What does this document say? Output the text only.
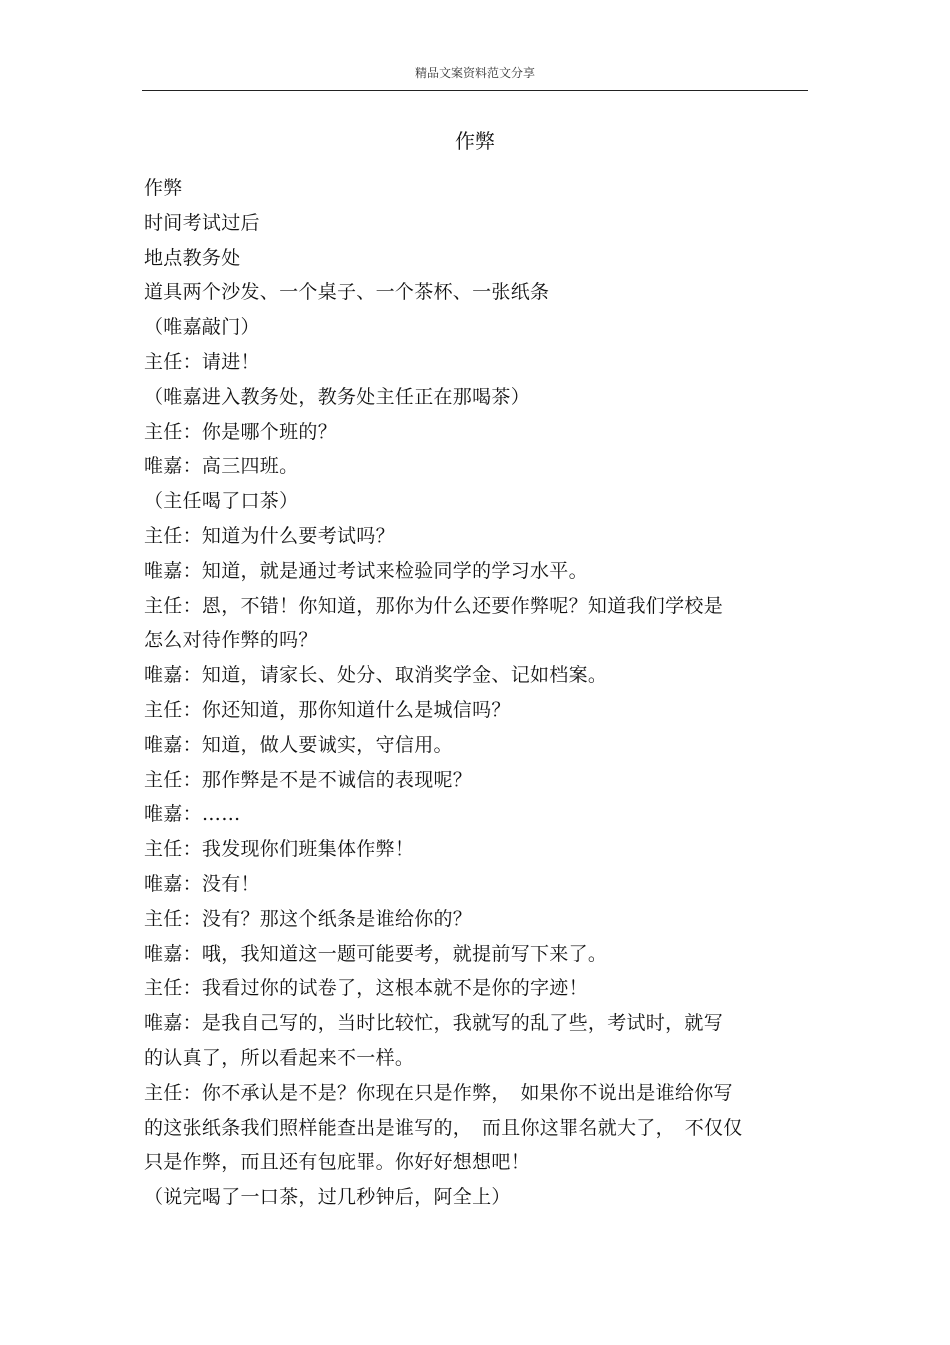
精品文案资料范文分享
作弊
作弊
时间考试过后
地点教务处
道具两个沙发、一个桌子、一个茶杯、一张纸条
（唯嘉敲门）
主任：请进！
（唯嘉进入教务处，教务处主任正在那喝茶）
主任：你是哪个班的？
唯嘉：高三四班。
（主任喝了口茶）
主任：知道为什么要考试吗？
唯嘉：知道，就是通过考试来检验同学的学习水平。
主任：恩，不错！你知道，那你为什么还要作弊呢？知道我们学校是
怎么对待作弊的吗？
唯嘉：知道，请家长、处分、取消奖学金、记如档案。
主任：你还知道，那你知道什么是城信吗？
唯嘉：知道，做人要诚实，守信用。
主任：那作弊是不是不诚信的表现呢？
唯嘉：……
主任：我发现你们班集体作弊！
唯嘉：没有！
主任：没有？那这个纸条是谁给你的？
唯嘉：哦，我知道这一题可能要考，就提前写下来了。
主任：我看过你的试卷了，这根本就不是你的字迹！
唯嘉：是我自己写的，当时比较忙，我就写的乱了些，考试时，就写
的认真了，所以看起来不一样。
主任：你不承认是不是？你现在只是作弊，　如果你不说出是谁给你写
的这张纸条我们照样能查出是谁写的，　而且你这罪名就大了，　不仅仅
只是作弊，而且还有包庇罪。你好好想想吧！
（说完喝了一口茶，过几秒钟后，阿全上）
